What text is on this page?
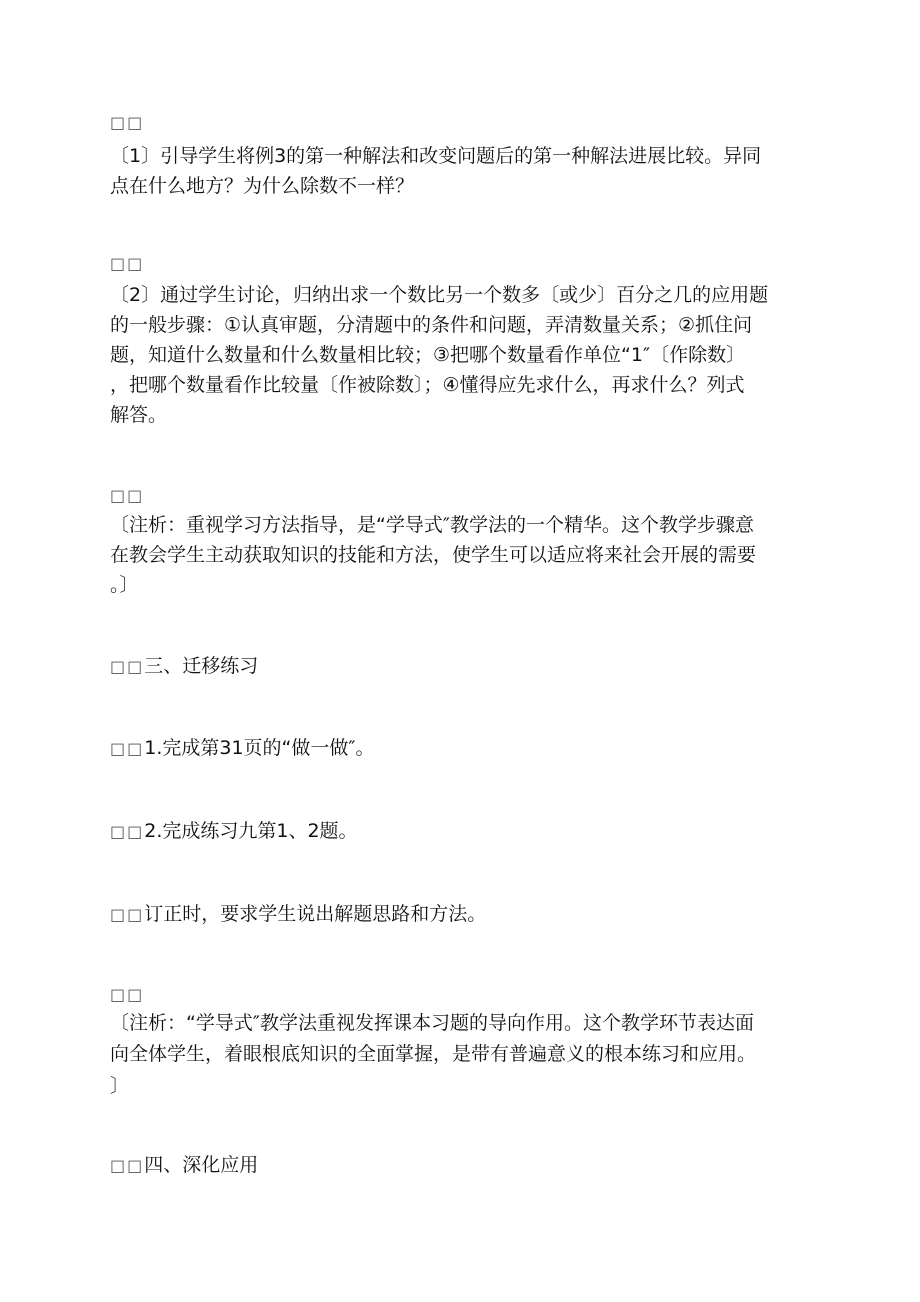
□□
〔1〕引导学生将例3的第一种解法和改变问题后的第一种解法进展比较。异同
点在什么地方？为什么除数不一样？
□□
〔2〕通过学生讨论，归纳出求一个数比另一个数多〔或少〕百分之几的应用题
的一般步骤：①认真审题，分清题中的条件和问题，弄清数量关系；②抓住问
题，知道什么数量和什么数量相比较；③把哪个数量看作单位“1″〔作除数〕
，把哪个数量看作比较量〔作被除数〕；④懂得应先求什么，再求什么？列式
解答。
□□
〔注析：重视学习方法指导，是“学导式″教学法的一个精华。这个教学步骤意
在教会学生主动获取知识的技能和方法，使学生可以适应将来社会开展的需要
。〕
□□三、迁移练习
□□1.完成第31页的“做一做″。
□□2.完成练习九第1、2题。
□□订正时，要求学生说出解题思路和方法。
□□
〔注析：“学导式″教学法重视发挥课本习题的导向作用。这个教学环节表达面
向全体学生，着眼根底知识的全面掌握，是带有普遍意义的根本练习和应用。
〕
□□四、深化应用
